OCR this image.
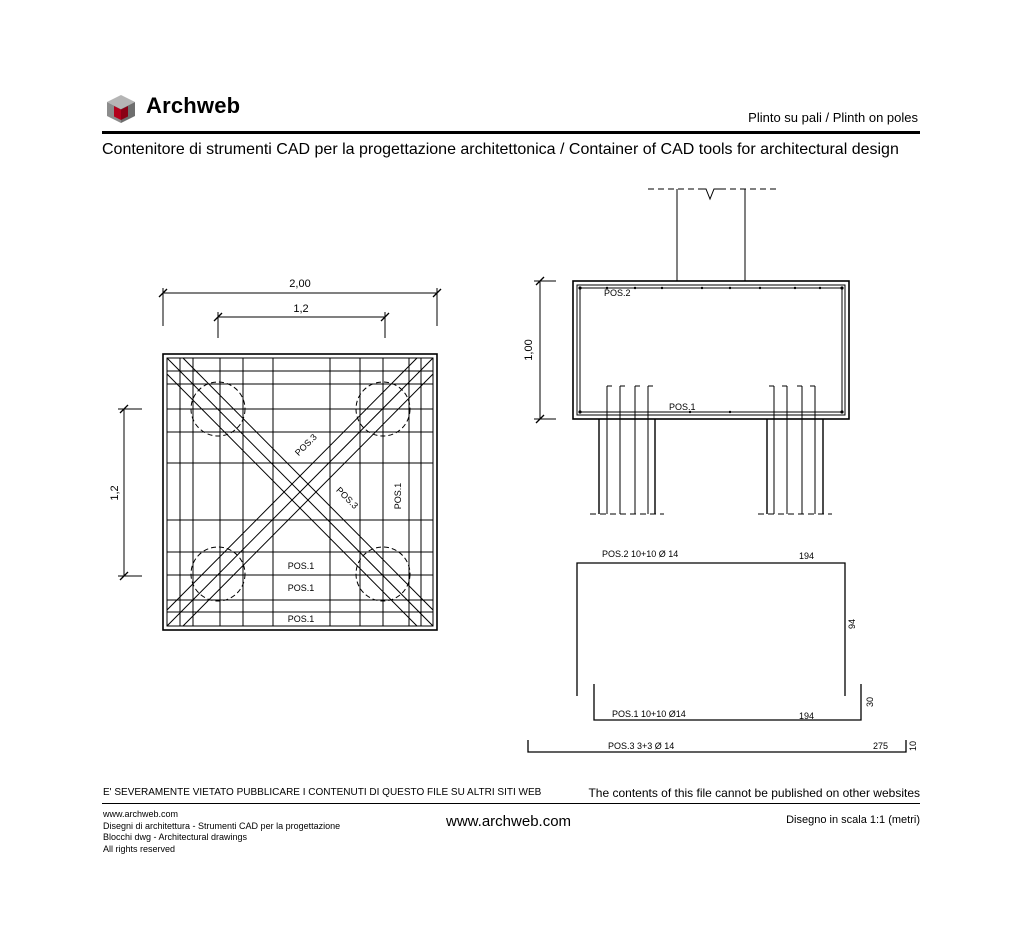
Archweb	Plinto su pali / Plinth on poles
Contenitore di strumenti CAD per la progettazione architettonica / Container of CAD tools for architectural design
2,00
1,2
1,2
POS.3
POS.3	POS.1
POS.1
POS.1
POS.1
1,00
POS.2
POS.1
POS.2 10+10 Ø 14	194
94
POS.1 10+10 Ø14	194
30
POS.3 3+3 Ø 14	275 10
E' SEVERAMENTE VIETATO PUBBLICARE I CONTENUTI DI QUESTO FILE SU ALTRI SITI WEB	The contents of this file cannot be published on other websites
www.archweb.com
Disegni di architettura - Strumenti CAD per la progettazione
Blocchi dwg - Architectural drawings
All rights reserved
www.archweb.com	Disegno in scala 1:1 (metri)
